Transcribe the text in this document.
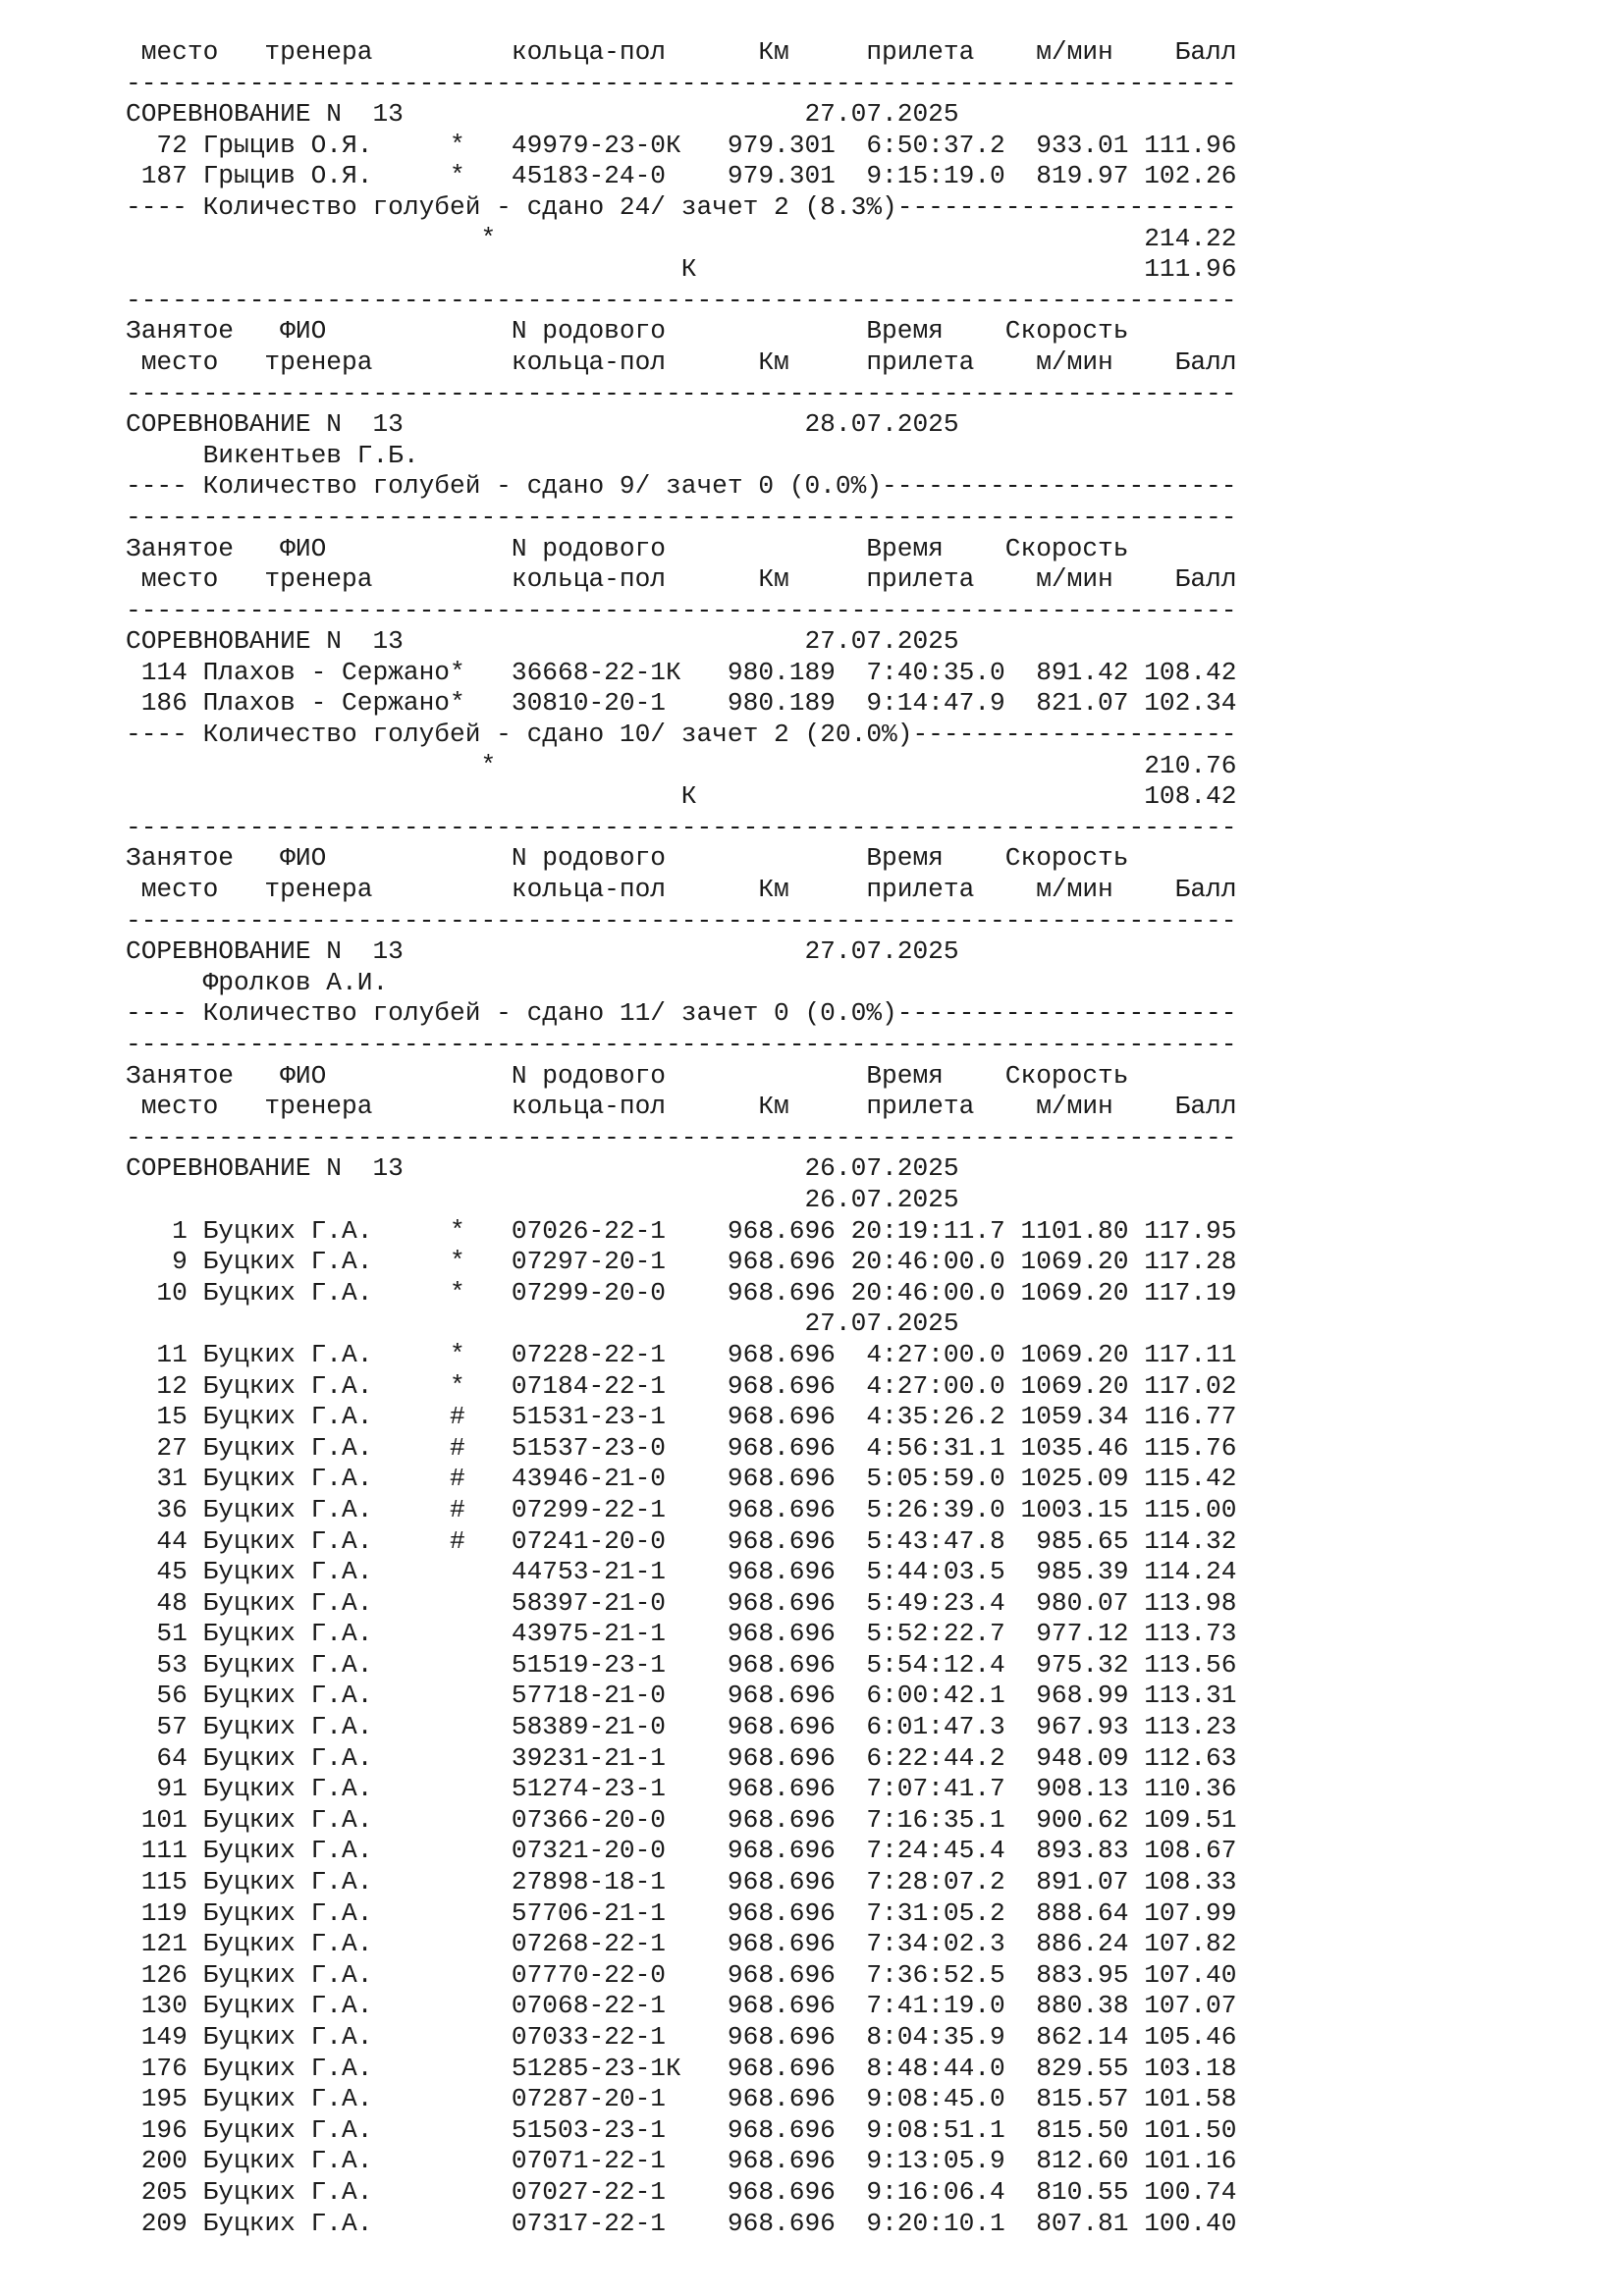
место   тренера         кольца-пол      Км     прилета    м/мин    Балл
------------------------------------------------------------------------
СОРЕВНОВАНИЕ N  13                          27.07.2025
72 Грыцив О.Я.     *   49979-23-0К   979.301  6:50:37.2  933.01 111.96
187 Грыцив О.Я.     *   45183-24-0    979.301  9:15:19.0  819.97 102.26
---- Количество голубей - сдано 24/ зачет 2 (8.3%)----------------------
*                                          214.22
К                             111.96
------------------------------------------------------------------------
Занятое   ФИО            N родового             Время    Скорость
место   тренера         кольца-пол      Км     прилета    м/мин    Балл
------------------------------------------------------------------------
СОРЕВНОВАНИЕ N  13                          28.07.2025
Викентьев Г.Б.
---- Количество голубей - сдано 9/ зачет 0 (0.0%)-----------------------
------------------------------------------------------------------------
Занятое   ФИО            N родового             Время    Скорость
место   тренера         кольца-пол      Км     прилета    м/мин    Балл
------------------------------------------------------------------------
СОРЕВНОВАНИЕ N  13                          27.07.2025
114 Плахов - Сержано*   36668-22-1К   980.189  7:40:35.0  891.42 108.42
186 Плахов - Сержано*   30810-20-1    980.189  9:14:47.9  821.07 102.34
---- Количество голубей - сдано 10/ зачет 2 (20.0%)---------------------
*                                          210.76
К                             108.42
------------------------------------------------------------------------
Занятое   ФИО            N родового             Время    Скорость
место   тренера         кольца-пол      Км     прилета    м/мин    Балл
------------------------------------------------------------------------
СОРЕВНОВАНИЕ N  13                          27.07.2025
Фролков А.И.
---- Количество голубей - сдано 11/ зачет 0 (0.0%)----------------------
------------------------------------------------------------------------
Занятое   ФИО            N родового             Время    Скорость
место   тренера         кольца-пол      Км     прилета    м/мин    Балл
------------------------------------------------------------------------
СОРЕВНОВАНИЕ N  13                          26.07.2025
26.07.2025
1 Буцких Г.А.     *   07026-22-1    968.696 20:19:11.7 1101.80 117.95
9 Буцких Г.А.     *   07297-20-1    968.696 20:46:00.0 1069.20 117.28
10 Буцких Г.А.     *   07299-20-0    968.696 20:46:00.0 1069.20 117.19
27.07.2025
11 Буцких Г.А.     *   07228-22-1    968.696  4:27:00.0 1069.20 117.11
12 Буцких Г.А.     *   07184-22-1    968.696  4:27:00.0 1069.20 117.02
15 Буцких Г.А.     #   51531-23-1    968.696  4:35:26.2 1059.34 116.77
27 Буцких Г.А.     #   51537-23-0    968.696  4:56:31.1 1035.46 115.76
31 Буцких Г.А.     #   43946-21-0    968.696  5:05:59.0 1025.09 115.42
36 Буцких Г.А.     #   07299-22-1    968.696  5:26:39.0 1003.15 115.00
44 Буцких Г.А.     #   07241-20-0    968.696  5:43:47.8  985.65 114.32
45 Буцких Г.А.         44753-21-1    968.696  5:44:03.5  985.39 114.24
48 Буцких Г.А.         58397-21-0    968.696  5:49:23.4  980.07 113.98
51 Буцких Г.А.         43975-21-1    968.696  5:52:22.7  977.12 113.73
53 Буцких Г.А.         51519-23-1    968.696  5:54:12.4  975.32 113.56
56 Буцких Г.А.         57718-21-0    968.696  6:00:42.1  968.99 113.31
57 Буцких Г.А.         58389-21-0    968.696  6:01:47.3  967.93 113.23
64 Буцких Г.А.         39231-21-1    968.696  6:22:44.2  948.09 112.63
91 Буцких Г.А.         51274-23-1    968.696  7:07:41.7  908.13 110.36
101 Буцких Г.А.         07366-20-0    968.696  7:16:35.1  900.62 109.51
111 Буцких Г.А.         07321-20-0    968.696  7:24:45.4  893.83 108.67
115 Буцких Г.А.         27898-18-1    968.696  7:28:07.2  891.07 108.33
119 Буцких Г.А.         57706-21-1    968.696  7:31:05.2  888.64 107.99
121 Буцких Г.А.         07268-22-1    968.696  7:34:02.3  886.24 107.82
126 Буцких Г.А.         07770-22-0    968.696  7:36:52.5  883.95 107.40
130 Буцких Г.А.         07068-22-1    968.696  7:41:19.0  880.38 107.07
149 Буцких Г.А.         07033-22-1    968.696  8:04:35.9  862.14 105.46
176 Буцких Г.А.         51285-23-1К   968.696  8:48:44.0  829.55 103.18
195 Буцких Г.А.         07287-20-1    968.696  9:08:45.0  815.57 101.58
196 Буцких Г.А.         51503-23-1    968.696  9:08:51.1  815.50 101.50
200 Буцких Г.А.         07071-22-1    968.696  9:13:05.9  812.60 101.16
205 Буцких Г.А.         07027-22-1    968.696  9:16:06.4  810.55 100.74
209 Буцких Г.А.         07317-22-1    968.696  9:20:10.1  807.81 100.40
